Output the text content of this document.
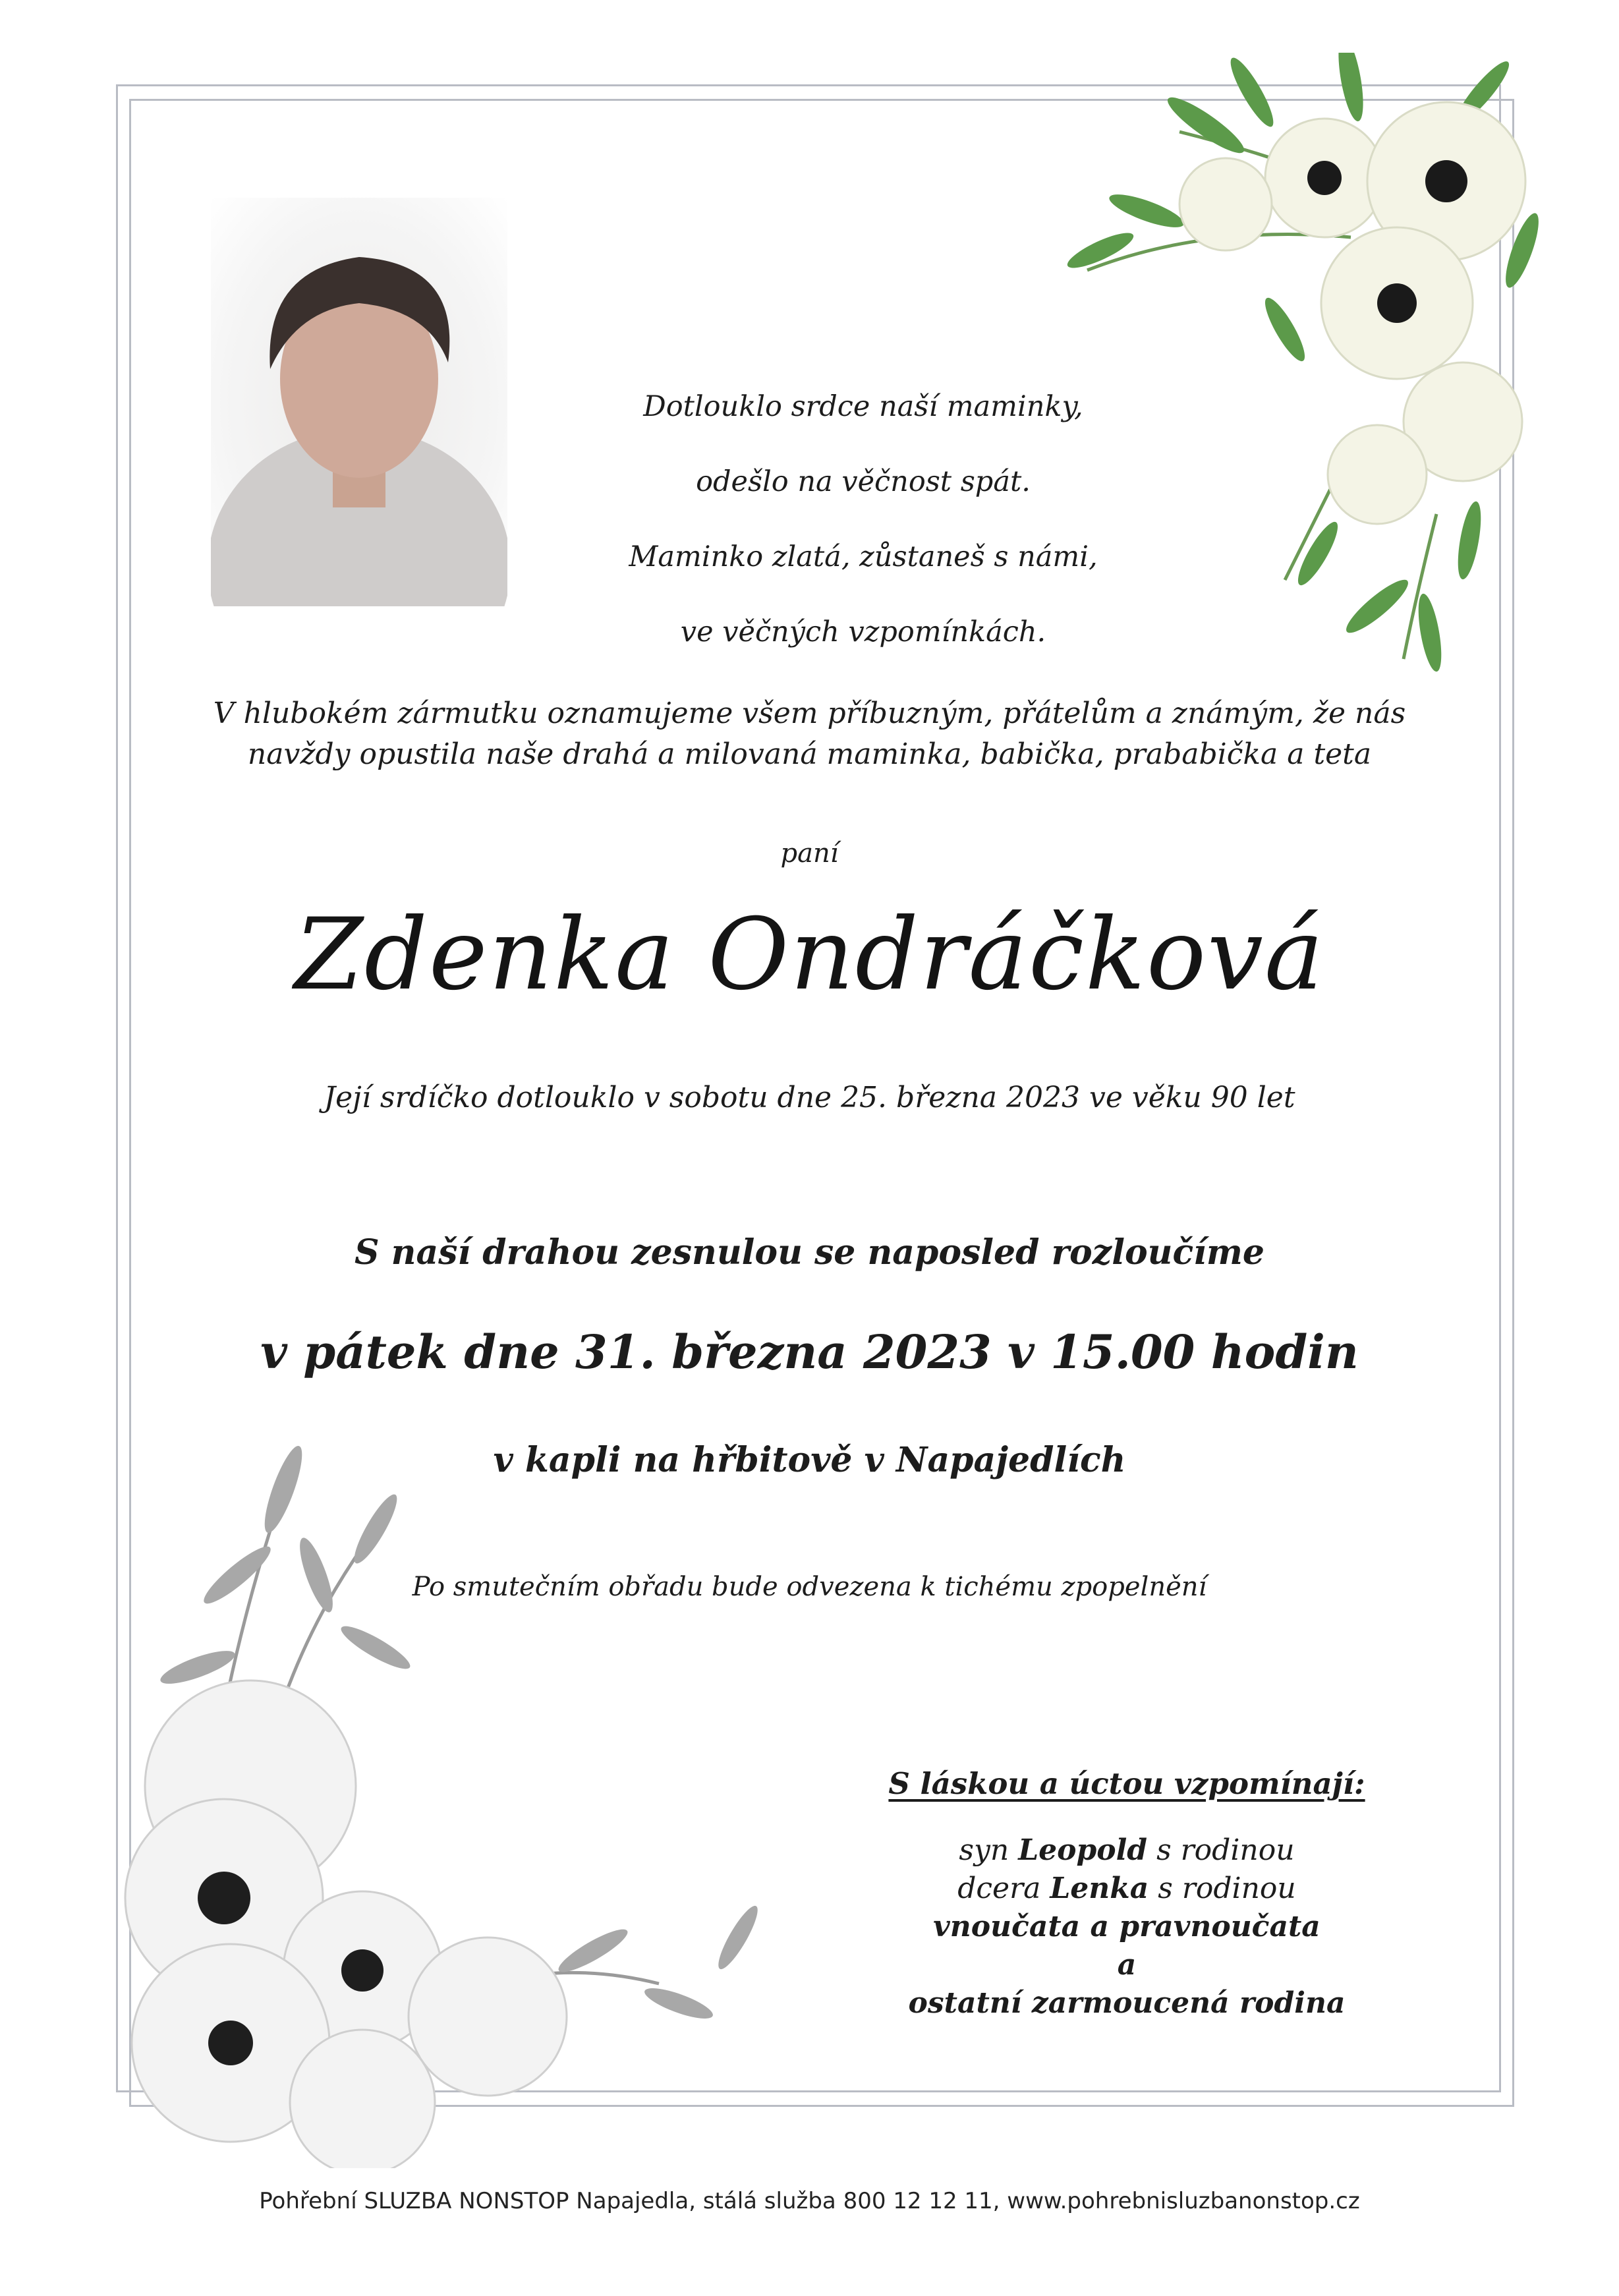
Dotlouklo srdce naší maminky,
odešlo na věčnost spát.
Maminko zlatá, zůstaneš s námi,
ve věčných vzpomínkách.
V hlubokém zármutku oznamujeme všem příbuzným, přátelům a známým, že nás
navždy opustila naše drahá a milovaná maminka, babička, prababička a teta
paní
Zdenka Ondráčková
Její srdíčko dotlouklo v sobotu dne 25. března 2023 ve věku 90 let
S naší drahou zesnulou se naposled rozloučíme
v pátek dne 31. března 2023 v 15.00 hodin
v kapli na hřbitově v Napajedlích
Po smutečním obřadu bude odvezena k tichému zpopelnění
S láskou a úctou vzpomínají:
syn Leopold s rodinou
dcera Lenka s rodinou
vnoučata a pravnoučata
a
ostatní zarmoucená rodina
Pohřební SLUZBA NONSTOP Napajedla, stálá služba 800 12 12 11, www.pohrebnisluzbanonstop.cz
